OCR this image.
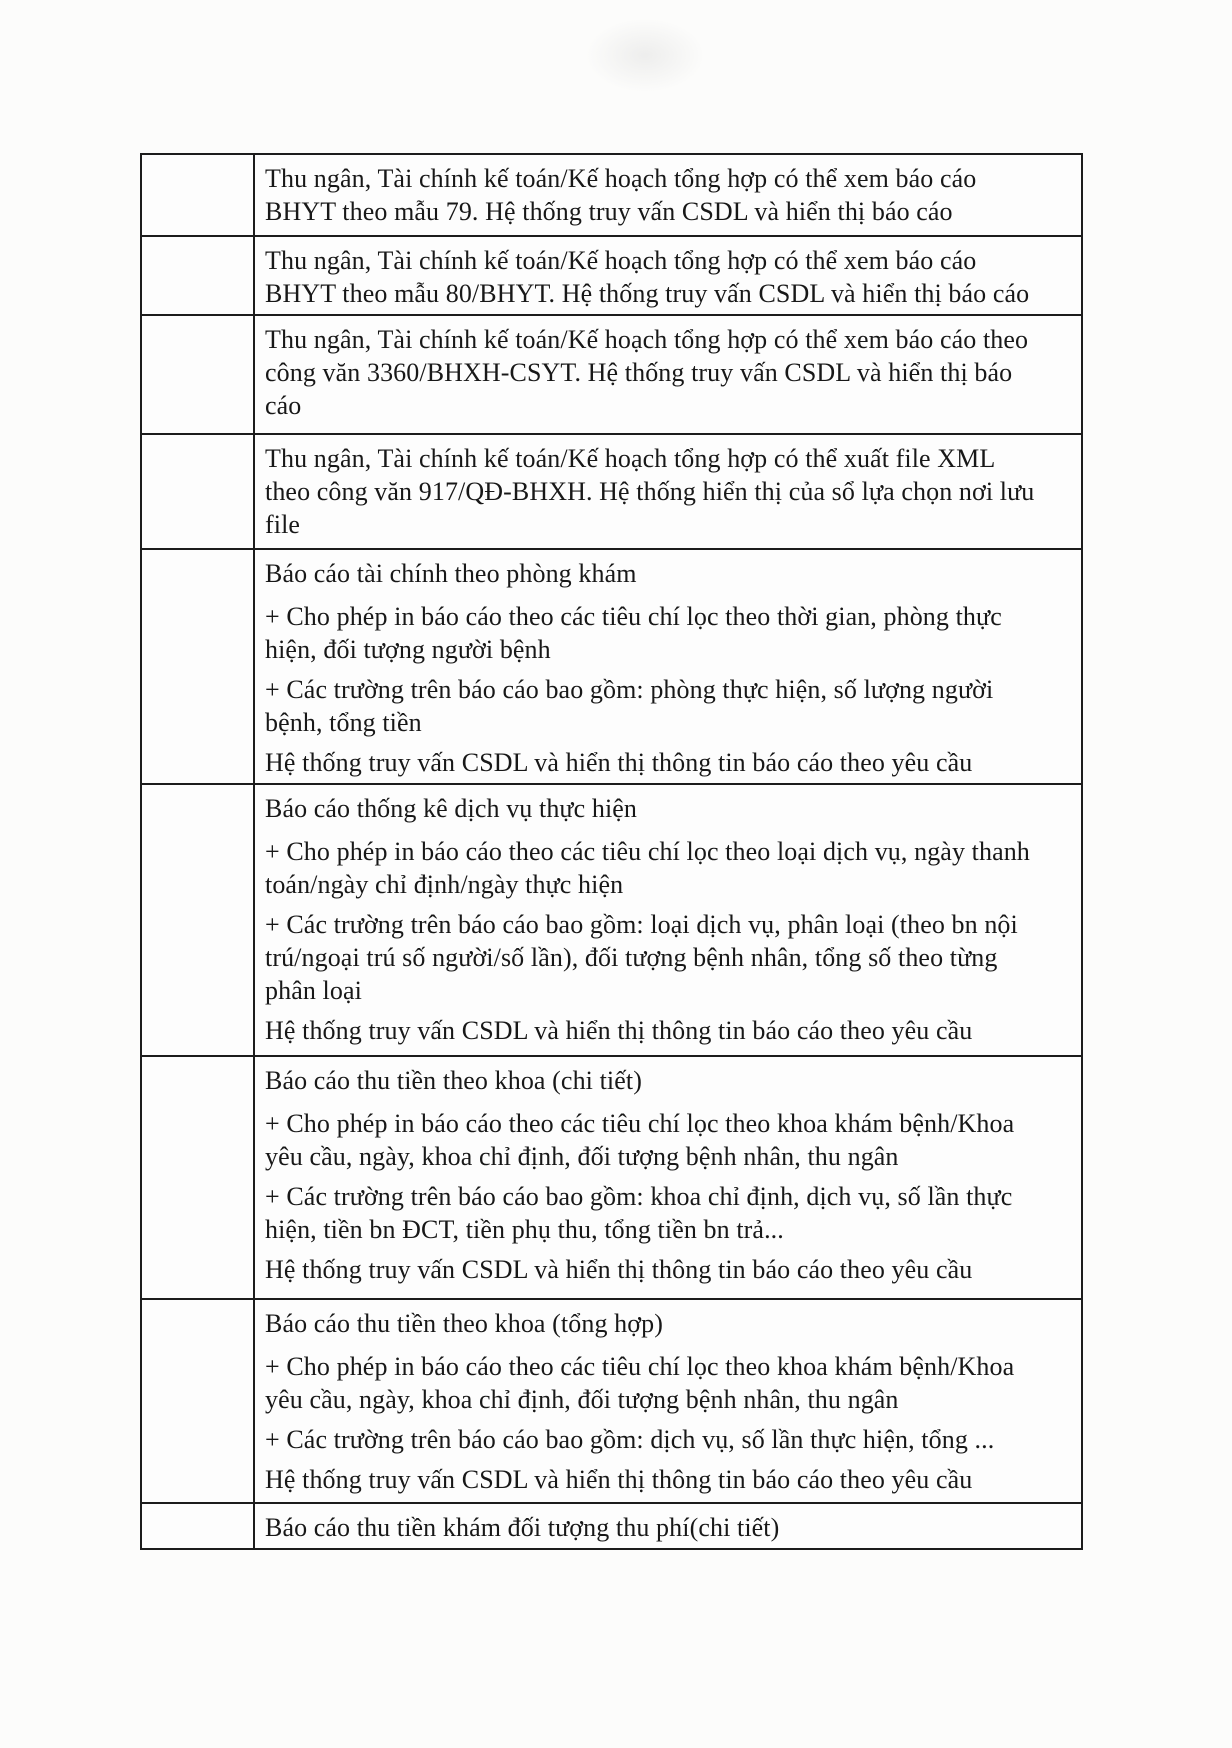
Thu ngân, Tài chính kế toán/Kế hoạch tổng hợp có thể xem báo cáo
BHYT theo mẫu 79. Hệ thống truy vấn CSDL và hiển thị báo cáo

Thu ngân, Tài chính kế toán/Kế hoạch tổng hợp có thể xem báo cáo
BHYT theo mẫu 80/BHYT. Hệ thống truy vấn CSDL và hiển thị báo cáo

Thu ngân, Tài chính kế toán/Kế hoạch tổng hợp có thể xem báo cáo theo
công văn 3360/BHXH-CSYT. Hệ thống truy vấn CSDL và hiển thị báo
cáo

Thu ngân, Tài chính kế toán/Kế hoạch tổng hợp có thể xuất file XML
theo công văn 917/QĐ-BHXH. Hệ thống hiển thị của sổ lựa chọn nơi lưu
file

Báo cáo tài chính theo phòng khám

+ Cho phép in báo cáo theo các tiêu chí lọc theo thời gian, phòng thực
hiện, đối tượng người bệnh

+ Các trường trên báo cáo bao gồm: phòng thực hiện, số lượng người
bệnh, tổng tiền

Hệ thống truy vấn CSDL và hiển thị thông tin báo cáo theo yêu cầu

Báo cáo thống kê dịch vụ thực hiện

+ Cho phép in báo cáo theo các tiêu chí lọc theo loại dịch vụ, ngày thanh
toán/ngày chỉ định/ngày thực hiện

+ Các trường trên báo cáo bao gồm: loại dịch vụ, phân loại (theo bn nội
trú/ngoại trú số người/số lần), đối tượng bệnh nhân, tổng số theo từng
phân loại

Hệ thống truy vấn CSDL và hiển thị thông tin báo cáo theo yêu cầu

Báo cáo thu tiền theo khoa (chi tiết)

+ Cho phép in báo cáo theo các tiêu chí lọc theo khoa khám bệnh/Khoa
yêu cầu, ngày, khoa chỉ định, đối tượng bệnh nhân, thu ngân

+ Các trường trên báo cáo bao gồm: khoa chỉ định, dịch vụ, số lần thực
hiện, tiền bn ĐCT, tiền phụ thu, tổng tiền bn trả...

Hệ thống truy vấn CSDL và hiển thị thông tin báo cáo theo yêu cầu

Báo cáo thu tiền theo khoa (tổng hợp)

+ Cho phép in báo cáo theo các tiêu chí lọc theo khoa khám bệnh/Khoa
yêu cầu, ngày, khoa chỉ định, đối tượng bệnh nhân, thu ngân

+ Các trường trên báo cáo bao gồm: dịch vụ, số lần thực hiện, tổng ...

Hệ thống truy vấn CSDL và hiển thị thông tin báo cáo theo yêu cầu

Báo cáo thu tiền khám đối tượng thu phí(chi tiết)
